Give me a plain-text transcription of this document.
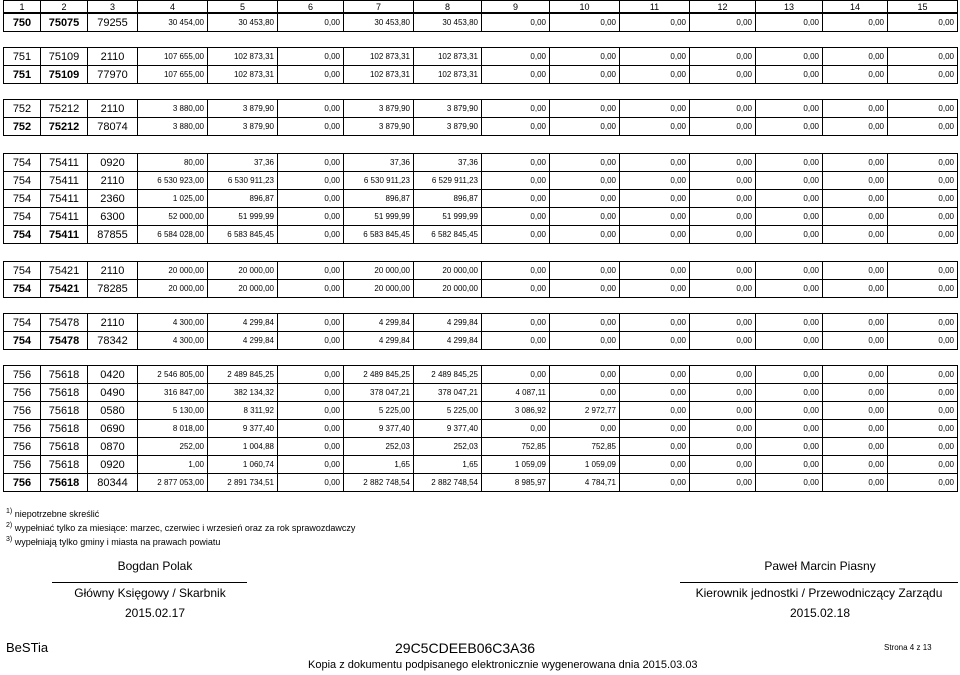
1	2	3	4	5	6	7	8	9	10	11	12	13	14	15
750	75075	79255	30 454,00	30 453,80	0,00	30 453,80	30 453,80	0,00	0,00	0,00	0,00	0,00	0,00	0,00
751	75109	2110	107 655,00	102 873,31	0,00	102 873,31	102 873,31	0,00	0,00	0,00	0,00	0,00	0,00	0,00
751	75109	77970	107 655,00	102 873,31	0,00	102 873,31	102 873,31	0,00	0,00	0,00	0,00	0,00	0,00	0,00
752	75212	2110	3 880,00	3 879,90	0,00	3 879,90	3 879,90	0,00	0,00	0,00	0,00	0,00	0,00	0,00
752	75212	78074	3 880,00	3 879,90	0,00	3 879,90	3 879,90	0,00	0,00	0,00	0,00	0,00	0,00	0,00
754	75411	0920	80,00	37,36	0,00	37,36	37,36	0,00	0,00	0,00	0,00	0,00	0,00	0,00
754	75411	2110	6 530 923,00	6 530 911,23	0,00	6 530 911,23	6 529 911,23	0,00	0,00	0,00	0,00	0,00	0,00	0,00
754	75411	2360	1 025,00	896,87	0,00	896,87	896,87	0,00	0,00	0,00	0,00	0,00	0,00	0,00
754	75411	6300	52 000,00	51 999,99	0,00	51 999,99	51 999,99	0,00	0,00	0,00	0,00	0,00	0,00	0,00
754	75411	87855	6 584 028,00	6 583 845,45	0,00	6 583 845,45	6 582 845,45	0,00	0,00	0,00	0,00	0,00	0,00	0,00
754	75421	2110	20 000,00	20 000,00	0,00	20 000,00	20 000,00	0,00	0,00	0,00	0,00	0,00	0,00	0,00
754	75421	78285	20 000,00	20 000,00	0,00	20 000,00	20 000,00	0,00	0,00	0,00	0,00	0,00	0,00	0,00
754	75478	2110	4 300,00	4 299,84	0,00	4 299,84	4 299,84	0,00	0,00	0,00	0,00	0,00	0,00	0,00
754	75478	78342	4 300,00	4 299,84	0,00	4 299,84	4 299,84	0,00	0,00	0,00	0,00	0,00	0,00	0,00
756	75618	0420	2 546 805,00	2 489 845,25	0,00	2 489 845,25	2 489 845,25	0,00	0,00	0,00	0,00	0,00	0,00	0,00
756	75618	0490	316 847,00	382 134,32	0,00	378 047,21	378 047,21	4 087,11	0,00	0,00	0,00	0,00	0,00	0,00
756	75618	0580	5 130,00	8 311,92	0,00	5 225,00	5 225,00	3 086,92	2 972,77	0,00	0,00	0,00	0,00	0,00
756	75618	0690	8 018,00	9 377,40	0,00	9 377,40	9 377,40	0,00	0,00	0,00	0,00	0,00	0,00	0,00
756	75618	0870	252,00	1 004,88	0,00	252,03	252,03	752,85	752,85	0,00	0,00	0,00	0,00	0,00
756	75618	0920	1,00	1 060,74	0,00	1,65	1,65	1 059,09	1 059,09	0,00	0,00	0,00	0,00	0,00
756	75618	80344	2 877 053,00	2 891 734,51	0,00	2 882 748,54	2 882 748,54	8 985,97	4 784,71	0,00	0,00	0,00	0,00	0,00
$^{1)}$ niepotrzebne skreślić
$^{2)}$ wypełniać tylko za miesiące: marzec, czerwiec i wrzesień oraz za rok sprawozdawczy
$^{3)}$ wypełniają tylko gminy i miasta na prawach powiatu
Bogdan Polak
Główny Księgowy / Skarbnik
2015.02.17
Paweł Marcin Piasny
Kierownik jednostki / Przewodniczący Zarządu
2015.02.18
BeSTia	29C5CDEEB06C3A36	Strona 4 z 13
Kopia z dokumentu podpisanego elektronicznie wygenerowana dnia 2015.03.03
